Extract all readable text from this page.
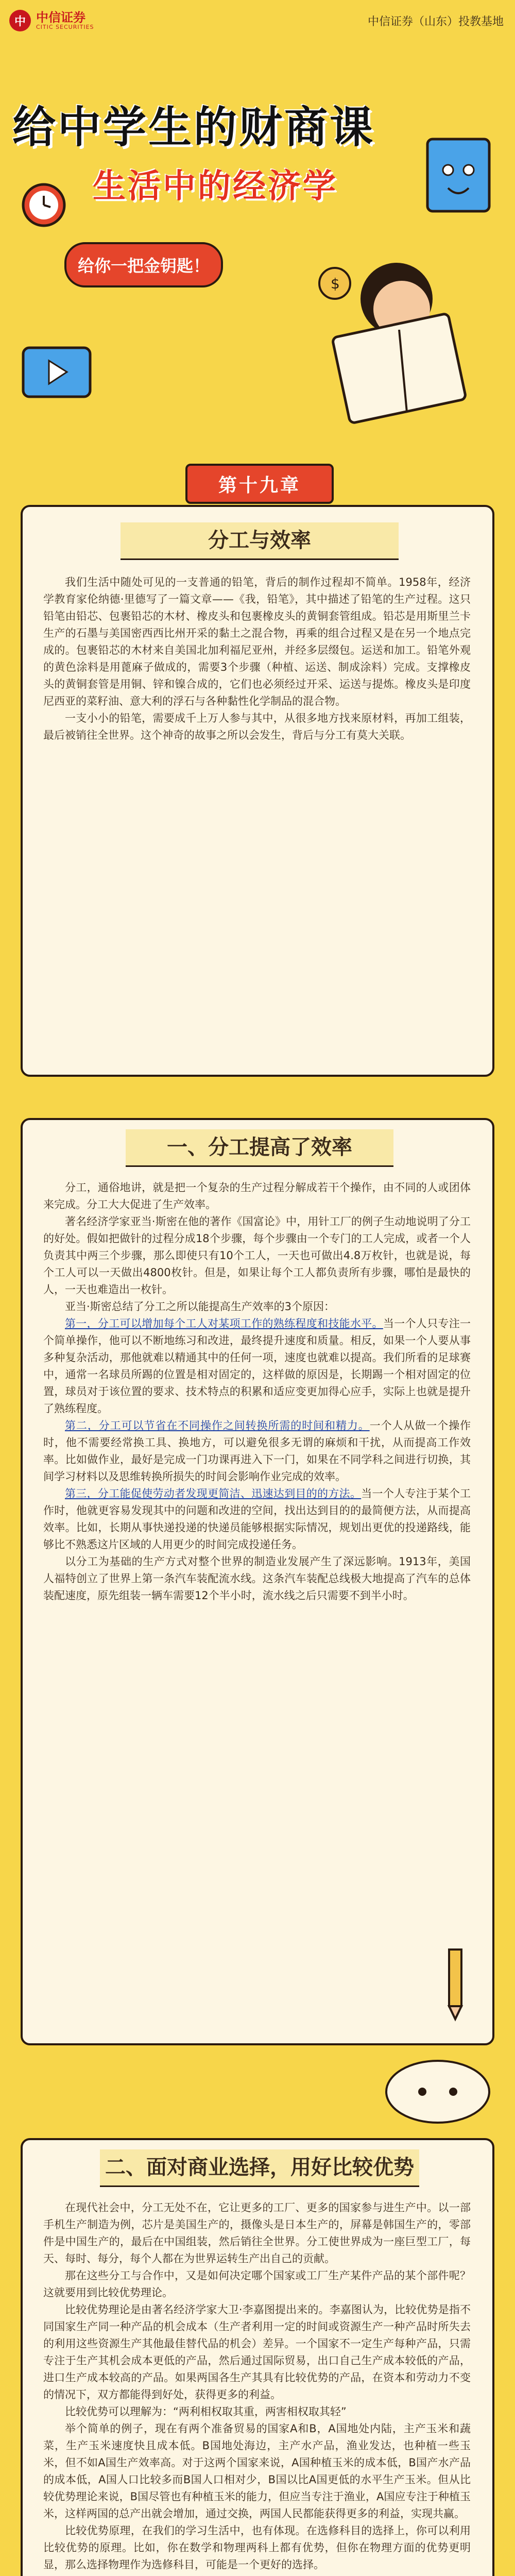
中 中信证券
CITIC SECURITIES	中信证券（山东）投教基地
给中学生的财商课
生活中的经济学
给你一把金钥匙！
$
第十九章
分工与效率

我们生活中随处可见的一支普通的铅笔，背后的制作过程却不简单。1958年，经济学教育家伦纳德·里德写了一篇文章——《我，铅笔》，其中描述了铅笔的生产过程。这只铅笔由铅芯、包裹铅芯的木材、橡皮头和包裹橡皮头的黄铜套管组成。铅芯是用斯里兰卡生产的石墨与美国密西西比州开采的黏土之混合物，再乘的组合过程又是在另一个地点完成的。包裹铅芯的木材来自美国北加利福尼亚州，并经多层缀包。运送和加工。铅笔外观的黄色涂料是用蓖麻子做成的，需要3个步骤（种植、运送、制成涂料）完成。支撑橡皮头的黄铜套管是用铜、锌和镍合成的，它们也必须经过开采、运送与提炼。橡皮头是印度尼西亚的菜籽油、意大利的浮石与各种黏性化学制品的混合物。

一支小小的铅笔，需要成千上万人参与其中，从很多地方找来原材料，再加工组装，最后被销往全世界。这个神奇的故事之所以会发生，背后与分工有莫大关联。

一、分工提高了效率

分工，通俗地讲，就是把一个复杂的生产过程分解成若干个操作，由不同的人或团体来完成。分工大大促进了生产效率。

著名经济学家亚当·斯密在他的著作《国富论》中，用针工厂的例子生动地说明了分工的好处。假如把做针的过程分成18个步骤，每个步骤由一个专门的工人完成，或者一个人负责其中两三个步骤，那么即使只有10个工人，一天也可做出4.8万枚针，也就是说，每个工人可以一天做出4800枚针。但是，如果让每个工人都负责所有步骤，哪怕是最快的人，一天也难造出一枚针。

亚当·斯密总结了分工之所以能提高生产效率的3个原因：

第一，分工可以增加每个工人对某项工作的熟练程度和技能水平。当一个人只专注一个简单操作，他可以不断地练习和改进，最终提升速度和质量。相反，如果一个人要从事多种复杂活动，那他就难以精通其中的任何一项，速度也就难以提高。我们所看的足球赛中，通常一名球员所踢的位置是相对固定的，这样做的原因是，长期踢一个相对固定的位置，球员对于该位置的要求、技术特点的积累和适应变更加得心应手，实际上也就是提升了熟练程度。

第二，分工可以节省在不同操作之间转换所需的时间和精力。一个人从做一个操作时，他不需要经常换工具、换地方，可以避免很多无谓的麻烦和干扰，从而提高工作效率。比如做作业，最好是完成一门功课再进入下一门，如果在不同学科之间进行切换，其间学习材料以及思维转换所损失的时间会影响作业完成的效率。

第三，分工能促使劳动者发现更简洁、迅速达到目的的方法。当一个人专注于某个工作时，他就更容易发现其中的问题和改进的空间，找出达到目的的最简便方法，从而提高效率。比如，长期从事快递投递的快递员能够根据实际情况，规划出更优的投递路线，能够比不熟悉这片区域的人用更少的时间完成投递任务。

以分工为基础的生产方式对整个世界的制造业发展产生了深远影响。1913年，美国人福特创立了世界上第一条汽车装配流水线。这条汽车装配总线极大地提高了汽车的总体装配速度，原先组装一辆车需要12个半小时，流水线之后只需要不到半小时。

二、面对商业选择，用好比较优势

在现代社会中，分工无处不在，它让更多的工厂、更多的国家参与进生产中。以一部手机生产制造为例，芯片是美国生产的，摄像头是日本生产的，屏幕是韩国生产的，零部件是中国生产的，最后在中国组装，然后销往全世界。分工使世界成为一座巨型工厂，每天、每时、每分，每个人都在为世界运转生产出自己的贡献。

那在这些分工与合作中，又是如何决定哪个国家或工厂生产某件产品的某个部件呢？这就要用到比较优势理论。

比较优势理论是由著名经济学家大卫·李嘉图提出来的。李嘉图认为，比较优势是指不同国家生产同一种产品的机会成本（生产者利用一定的时间或资源生产一种产品时所失去的利用这些资源生产其他最佳替代品的机会）差异。一个国家不一定生产每种产品，只需专注于生产其机会成本更低的产品，然后通过国际贸易，出口自己生产成本较低的产品，进口生产成本较高的产品。如果两国各生产其具有比较优势的产品，在资本和劳动力不变的情况下，双方都能得到好处，获得更多的利益。

比较优势可以理解为：“两利相权取其重，两害相权取其轻”

举个简单的例子，现在有两个准备贸易的国家A和B，A国地处内陆，主产玉米和蔬菜，生产玉米速度快且成本低。B国地处海边，主产水产品，渔业发达，也种植一些玉米，但不如A国生产效率高。对于这两个国家来说，A国种植玉米的成本低，B国产水产品的成本低，A国人口比较多而B国人口相对少，B国以比A国更低的水平生产玉米。但从比较优势理论来说，B国尽管也有种植玉米的能力，但应当专注于渔业，A国应专注于种植玉米，这样两国的总产出就会增加，通过交换，两国人民都能获得更多的利益，实现共赢。

比较优势原理，在我们的学习生活中，也有体现。在选修科目的选择上，你可以利用比较优势的原理。比如，你在数学和物理两科上都有优势，但你在物理方面的优势更明显，那么选择物理作为选修科目，可能是一个更好的选择。
